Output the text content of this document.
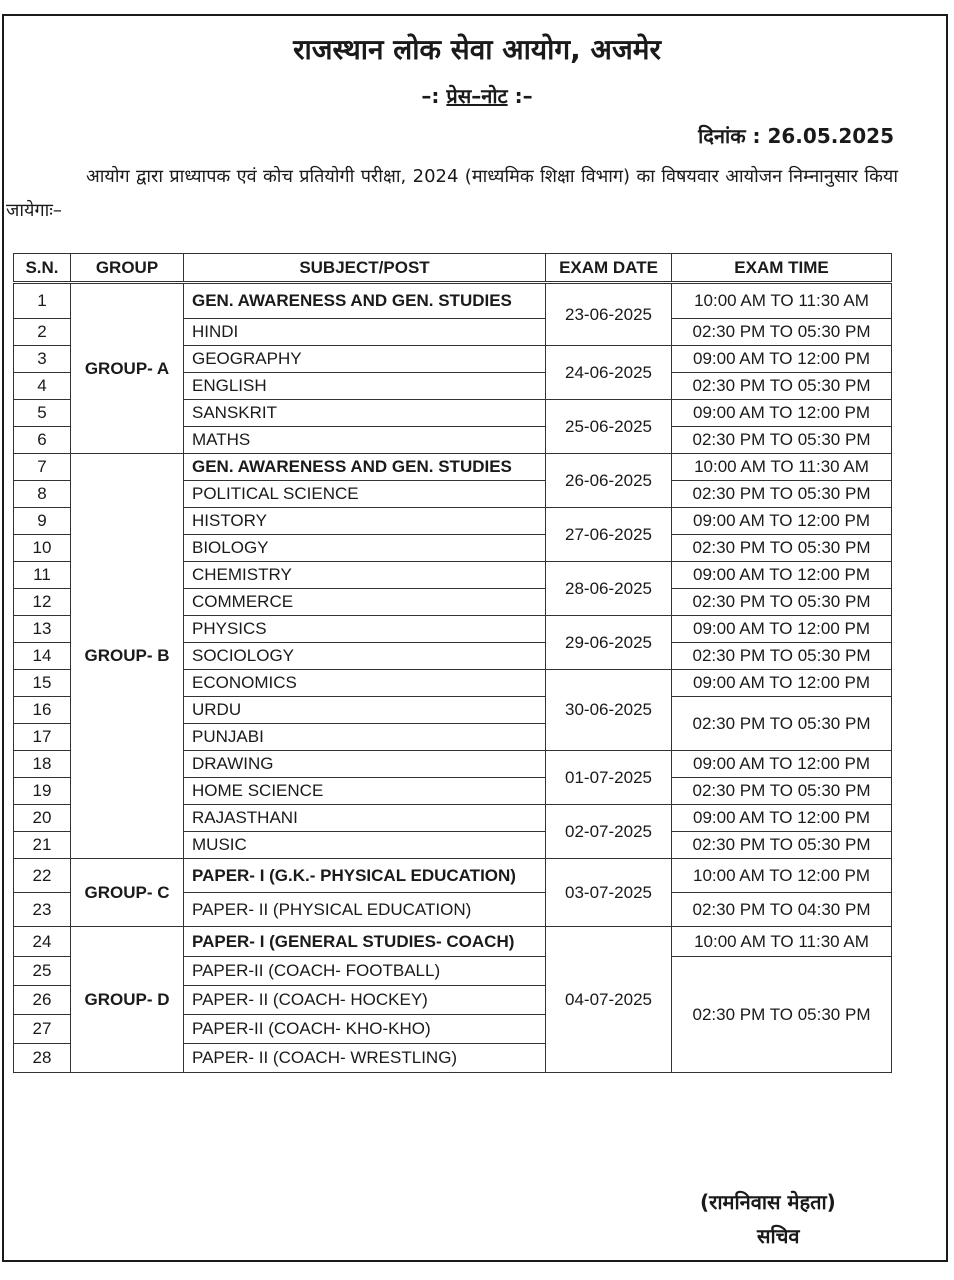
राजस्थान लोक सेवा आयोग, अजमेर
–: प्रेस–नोट :–
दिनांक : 26.05.2025
आयोग द्वारा प्राध्यापक एवं कोच प्रतियोगी परीक्षा, 2024 (माध्यमिक शिक्षा विभाग) का विषयवार आयोजन निम्नानुसार किया जायेगाः–
S.N.	GROUP	SUBJECT/POST	EXAM DATE	EXAM TIME
1	GROUP- A	GEN. AWARENESS AND GEN. STUDIES	23-06-2025	10:00 AM TO 11:30 AM
2		HINDI		02:30 PM TO 05:30 PM
3		GEOGRAPHY	24-06-2025	09:00 AM TO 12:00 PM
4		ENGLISH		02:30 PM TO 05:30 PM
5		SANSKRIT	25-06-2025	09:00 AM TO 12:00 PM
6		MATHS		02:30 PM TO 05:30 PM
7	GROUP- B	GEN. AWARENESS AND GEN. STUDIES	26-06-2025	10:00 AM TO 11:30 AM
8		POLITICAL SCIENCE		02:30 PM TO 05:30 PM
9		HISTORY	27-06-2025	09:00 AM TO 12:00 PM
10		BIOLOGY		02:30 PM TO 05:30 PM
11		CHEMISTRY	28-06-2025	09:00 AM TO 12:00 PM
12		COMMERCE		02:30 PM TO 05:30 PM
13		PHYSICS	29-06-2025	09:00 AM TO 12:00 PM
14		SOCIOLOGY		02:30 PM TO 05:30 PM
15		ECONOMICS	30-06-2025	09:00 AM TO 12:00 PM
16		URDU		02:30 PM TO 05:30 PM
17		PUNJABI		
18		DRAWING	01-07-2025	09:00 AM TO 12:00 PM
19		HOME SCIENCE		02:30 PM TO 05:30 PM
20		RAJASTHANI	02-07-2025	09:00 AM TO 12:00 PM
21		MUSIC		02:30 PM TO 05:30 PM
22	GROUP- C	PAPER- I (G.K.- PHYSICAL EDUCATION)	03-07-2025	10:00 AM TO 12:00 PM
23		PAPER- II (PHYSICAL EDUCATION)		02:30 PM TO 04:30 PM
24	GROUP- D	PAPER- I (GENERAL STUDIES- COACH)	04-07-2025	10:00 AM TO 11:30 AM
25		PAPER-II (COACH- FOOTBALL)		02:30 PM TO 05:30 PM
26		PAPER- II (COACH- HOCKEY)		
27		PAPER-II (COACH- KHO-KHO)		
28		PAPER- II (COACH- WRESTLING)		
(रामनिवास मेहता)
सचिव
